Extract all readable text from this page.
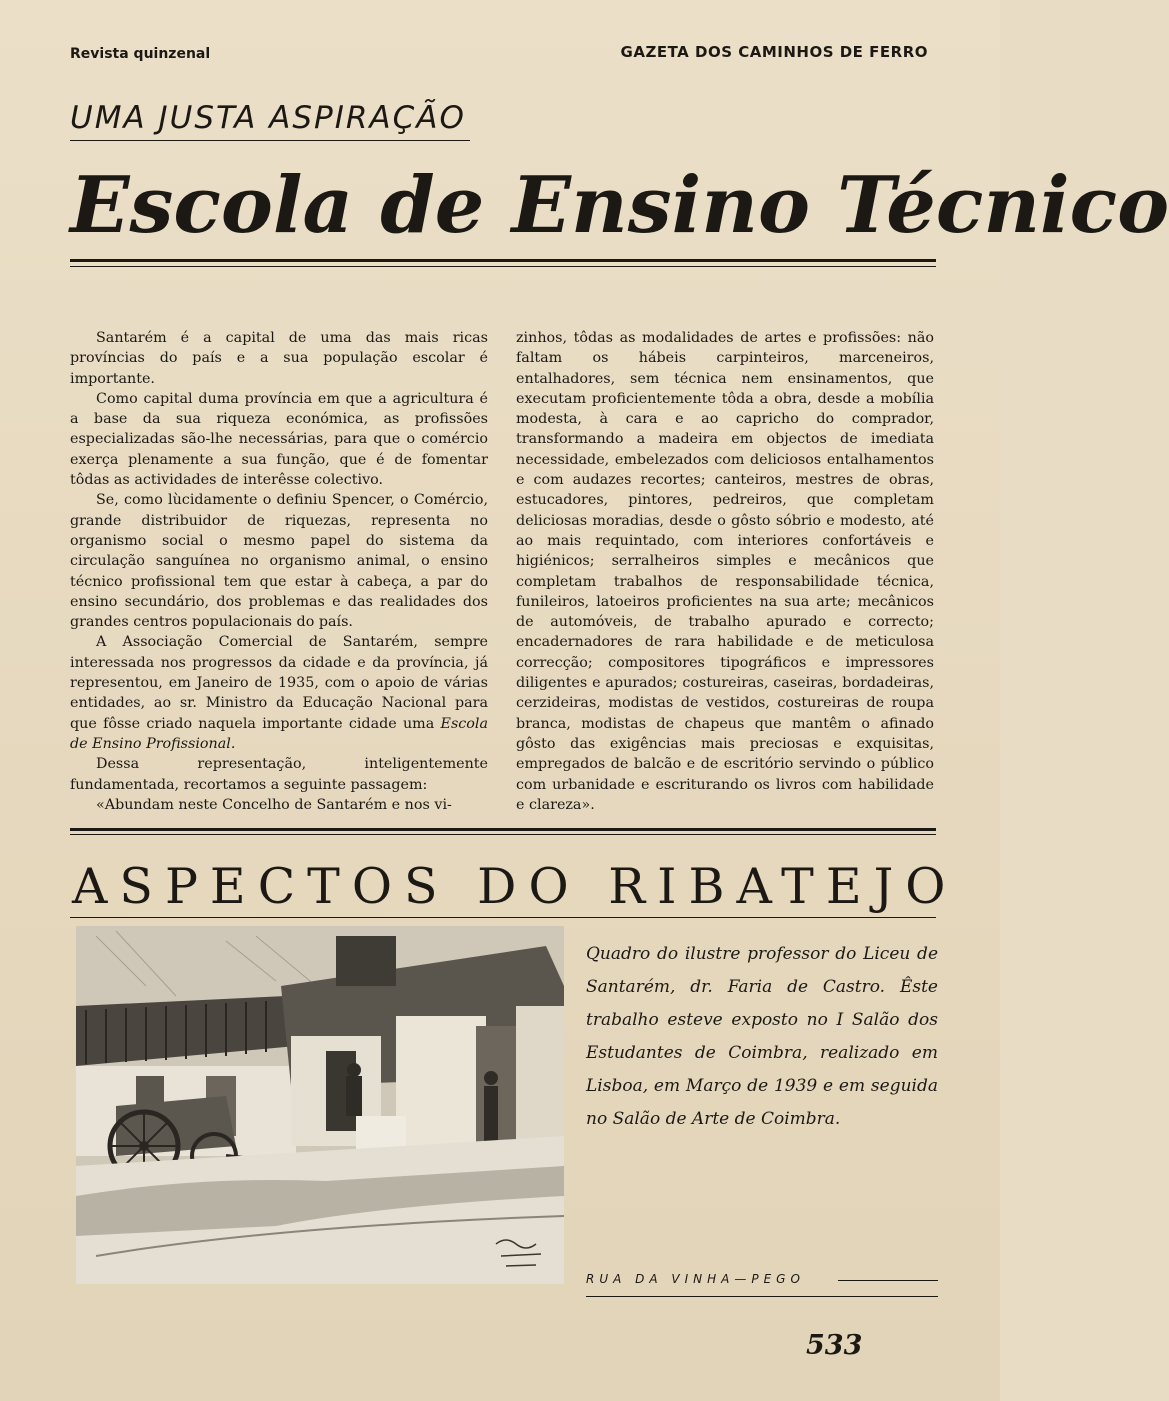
Revista quinzenal	GAZETA DOS CAMINHOS DE FERRO
UMA JUSTA ASPIRAÇÃO
Escola de Ensino Técnico

Santarém é a capital de uma das mais ricas províncias do país e a sua população escolar é importante.

Como capital duma província em que a agricultura é a base da sua riqueza económica, as profissões especializadas são-lhe necessárias, para que o comércio exerça plenamente a sua função, que é de fomentar tôdas as actividades de interêsse colectivo.

Se, como lùcidamente o definiu Spencer, o Comércio, grande distribuidor de riquezas, representa no organismo social o mesmo papel do sistema da circulação sanguínea no organismo animal, o ensino técnico profissional tem que estar à cabeça, a par do ensino secundário, dos problemas e das realidades dos grandes centros populacionais do país.

A Associação Comercial de Santarém, sempre interessada nos progressos da cidade e da província, já representou, em Janeiro de 1935, com o apoio de várias entidades, ao sr. Ministro da Educação Nacional para que fôsse criado naquela importante cidade uma Escola de Ensino Profissional.

Dessa representação, inteligentemente fundamentada, recortamos a seguinte passagem:

«Abundam neste Concelho de Santarém e nos vi-

zinhos, tôdas as modalidades de artes e profissões: não faltam os hábeis carpinteiros, marceneiros, entalhadores, sem técnica nem ensinamentos, que executam proficientemente tôda a obra, desde a mobília modesta, à cara e ao capricho do comprador, transformando a madeira em objectos de imediata necessidade, embelezados com deliciosos entalhamentos e com audazes recortes; canteiros, mestres de obras, estucadores, pintores, pedreiros, que completam deliciosas moradias, desde o gôsto sóbrio e modesto, até ao mais requintado, com interiores confortáveis e higiénicos; serralheiros simples e mecânicos que completam trabalhos de responsabilidade técnica, funileiros, latoeiros proficientes na sua arte; mecânicos de automóveis, de trabalho apurado e correcto; encadernadores de rara habilidade e de meticulosa correcção; compositores tipográficos e impressores diligentes e apurados; costureiras, caseiras, bordadeiras, cerzideiras, modistas de vestidos, costureiras de roupa branca, modistas de chapeus que mantêm o afinado gôsto das exigências mais preciosas e exquisitas, empregados de balcão e de escritório servindo o público com urbanidade e escriturando os livros com habilidade e clareza».

ASPECTOS DO RIBATEJO
Quadro do ilustre professor do Liceu de Santarém, dr. Faria de Castro. Êste trabalho esteve exposto no I Salão dos Estudantes de Coimbra, realizado em Lisboa, em Março de 1939 e em seguida no Salão de Arte de Coimbra.
RUA DA VINHA—PEGO
533
